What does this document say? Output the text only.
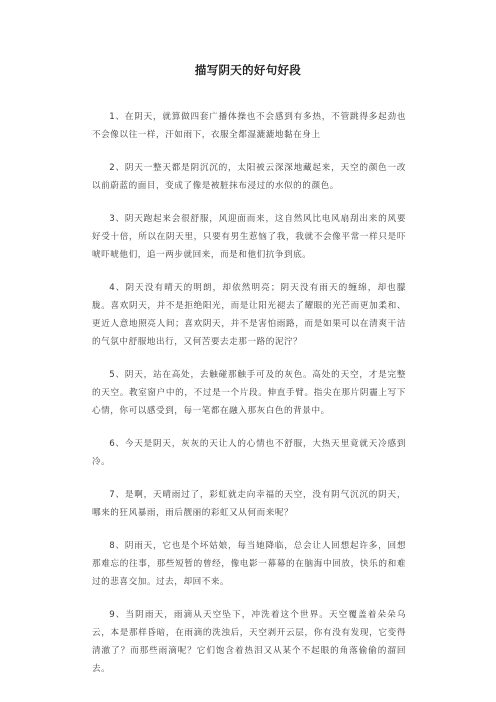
描写阴天的好句好段

1、在阴天，就算做四套广播体操也不会感到有多热，不管跳得多起劲也不会像以往一样，汗如雨下，衣服全都湿漉漉地黏在身上

2、阴天一整天都是阴沉沉的，太阳被云深深地藏起来，天空的颜色一改以前蔚蓝的面目，变成了像是被脏抹布浸过的水似的的颜色。

3、阴天跑起来会很舒服，风迎面而来，这自然风比电风扇刮出来的风要好受十倍，所以在阴天里，只要有男生惹恼了我，我就不会像平常一样只是吓唬吓唬他们，追一两步就回来，而是和他们抗争到底。

4、阴天没有晴天的明朗，却依然明亮；阴天没有雨天的缠绵，却也朦胧。喜欢阴天，并不是拒绝阳光，而是让阳光褪去了耀眼的光芒而更加柔和、更近人意地照亮人间；喜欢阴天，并不是害怕雨路，而是如果可以在清爽干洁的气氛中舒服地出行，又何苦要去走那一路的泥泞？

5、阴天，站在高处，去触碰那触手可及的灰色。高处的天空，才是完整的天空。教室窗户中的，不过是一个片段。伸直手臂。指尖在那片阴霾上写下心情，你可以感受到，每一笔都在融入那灰白色的背景中。

6、今天是阴天，灰灰的天让人的心情也不舒服，大热天里竟就天冷感到冷。

7、是啊，天晴雨过了，彩虹就走向幸福的天空，没有阴气沉沉的阴天，哪来的狂风暴雨，雨后靓丽的彩虹又从何而来呢？

8、阴雨天，它也是个坏姑娘，每当她降临，总会让人回想起许多，回想那难忘的往事，那些短暂的曾经，像电影一幕幕的在脑海中回放，快乐的和难过的悲喜交加。过去，却回不来。

9、当阴雨天，雨滴从天空坠下，冲洗着这个世界。天空覆盖着朵朵乌云，本是那样昏暗，在雨滴的洗浊后，天空剥开云层，你有没有发现，它变得清澈了？而那些雨滴呢？它们饱含着热泪又从某个不起眼的角落偷偷的溜回去。
